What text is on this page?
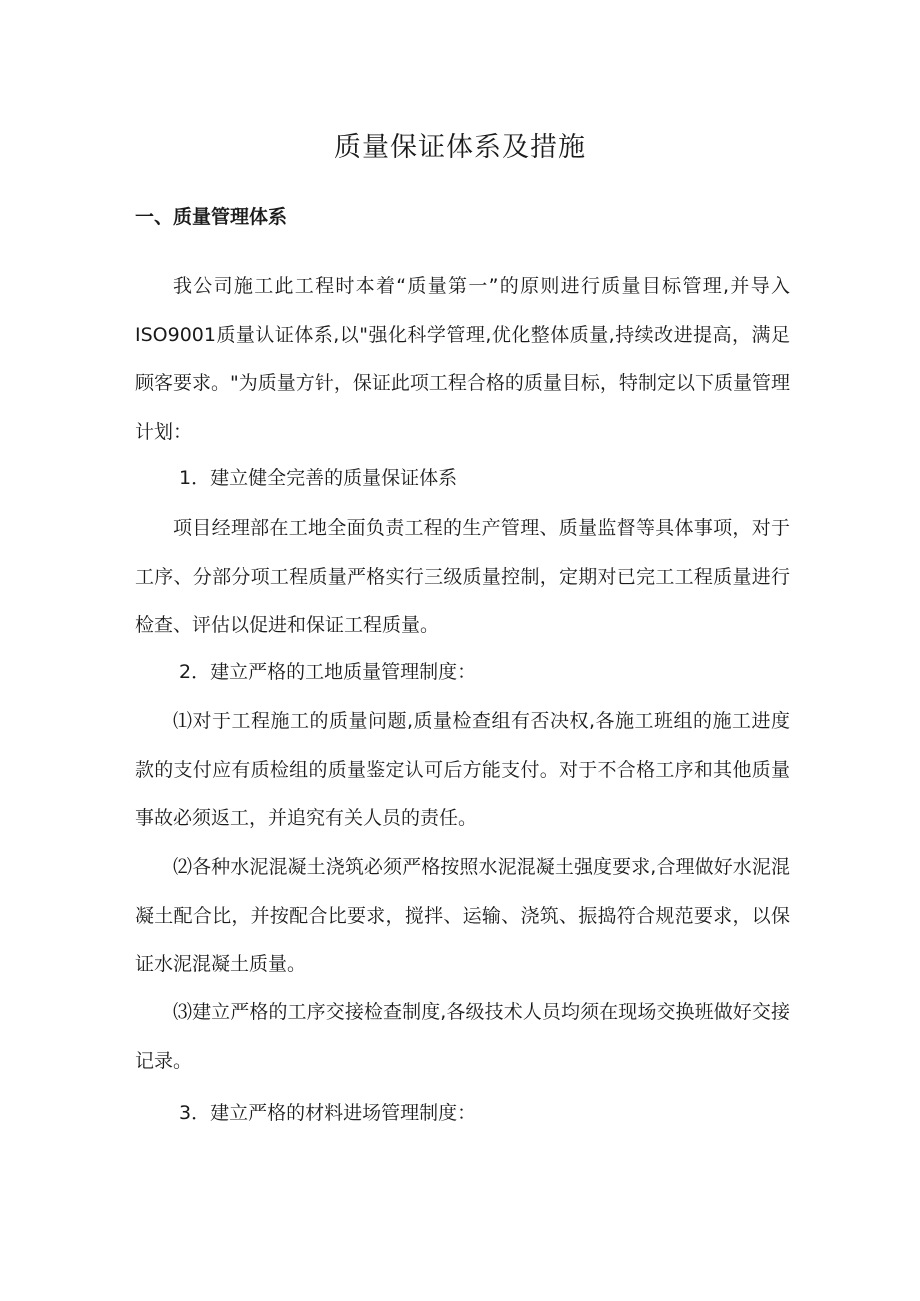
质量保证体系及措施
一、质量管理体系

我公司施工此工程时本着“质量第一”的原则进行质量目标管理,并导入ISO9001质量认证体系,以"强化科学管理,优化整体质量,持续改进提高，满足顾客要求。"为质量方针，保证此项工程合格的质量目标，特制定以下质量管理计划：

1．建立健全完善的质量保证体系

项目经理部在工地全面负责工程的生产管理、质量监督等具体事项，对于工序、分部分项工程质量严格实行三级质量控制，定期对已完工工程质量进行检查、评估以促进和保证工程质量。

2．建立严格的工地质量管理制度：

⑴对于工程施工的质量问题,质量检查组有否决权,各施工班组的施工进度款的支付应有质检组的质量鉴定认可后方能支付。对于不合格工序和其他质量事故必须返工，并追究有关人员的责任。

⑵各种水泥混凝土浇筑必须严格按照水泥混凝土强度要求,合理做好水泥混凝土配合比，并按配合比要求，搅拌、运输、浇筑、振捣符合规范要求，以保证水泥混凝土质量。

⑶建立严格的工序交接检查制度,各级技术人员均须在现场交换班做好交接记录。

3．建立严格的材料进场管理制度：
